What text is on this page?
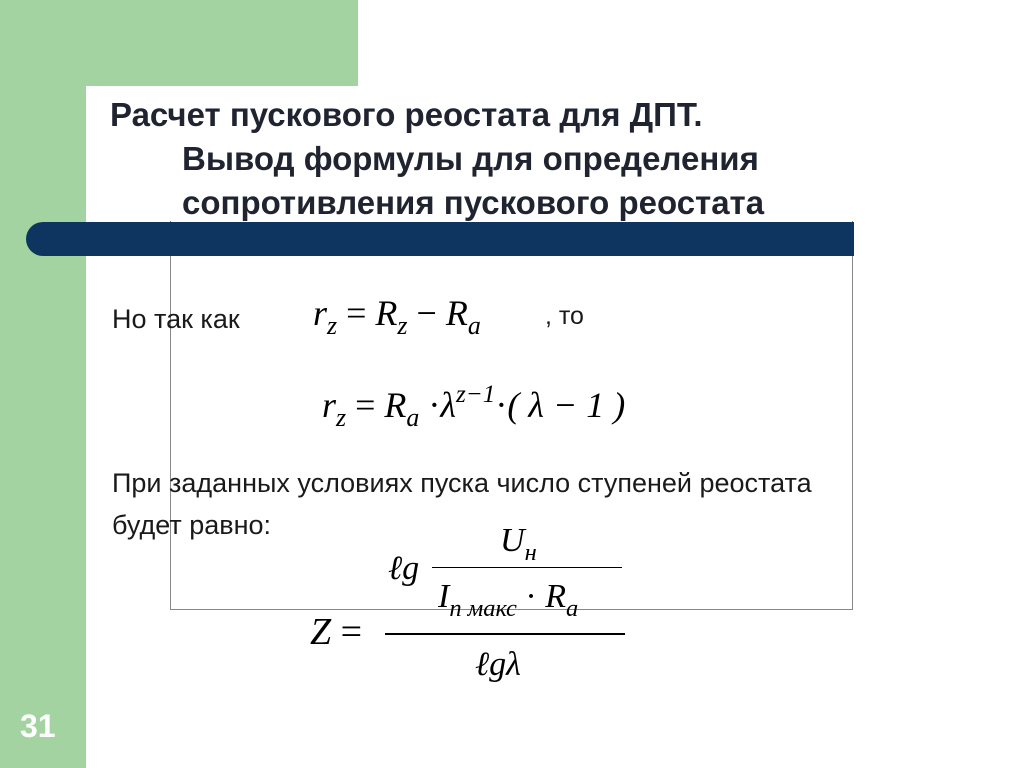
Расчет пускового реостата для ДПТ.
Вывод формулы для определения
сопротивления пускового реостата
Но так как $r_z = R_z - R_a$	, то
$r_z = R_a \cdot\lambda^{z-1}\cdot$( λ − 1 )
При заданных условиях пуска число ступеней реостата
будет равно:
Z =
ℓg
$U_н$
$I_{п макс} \cdot R_a$
ℓgλ
31
